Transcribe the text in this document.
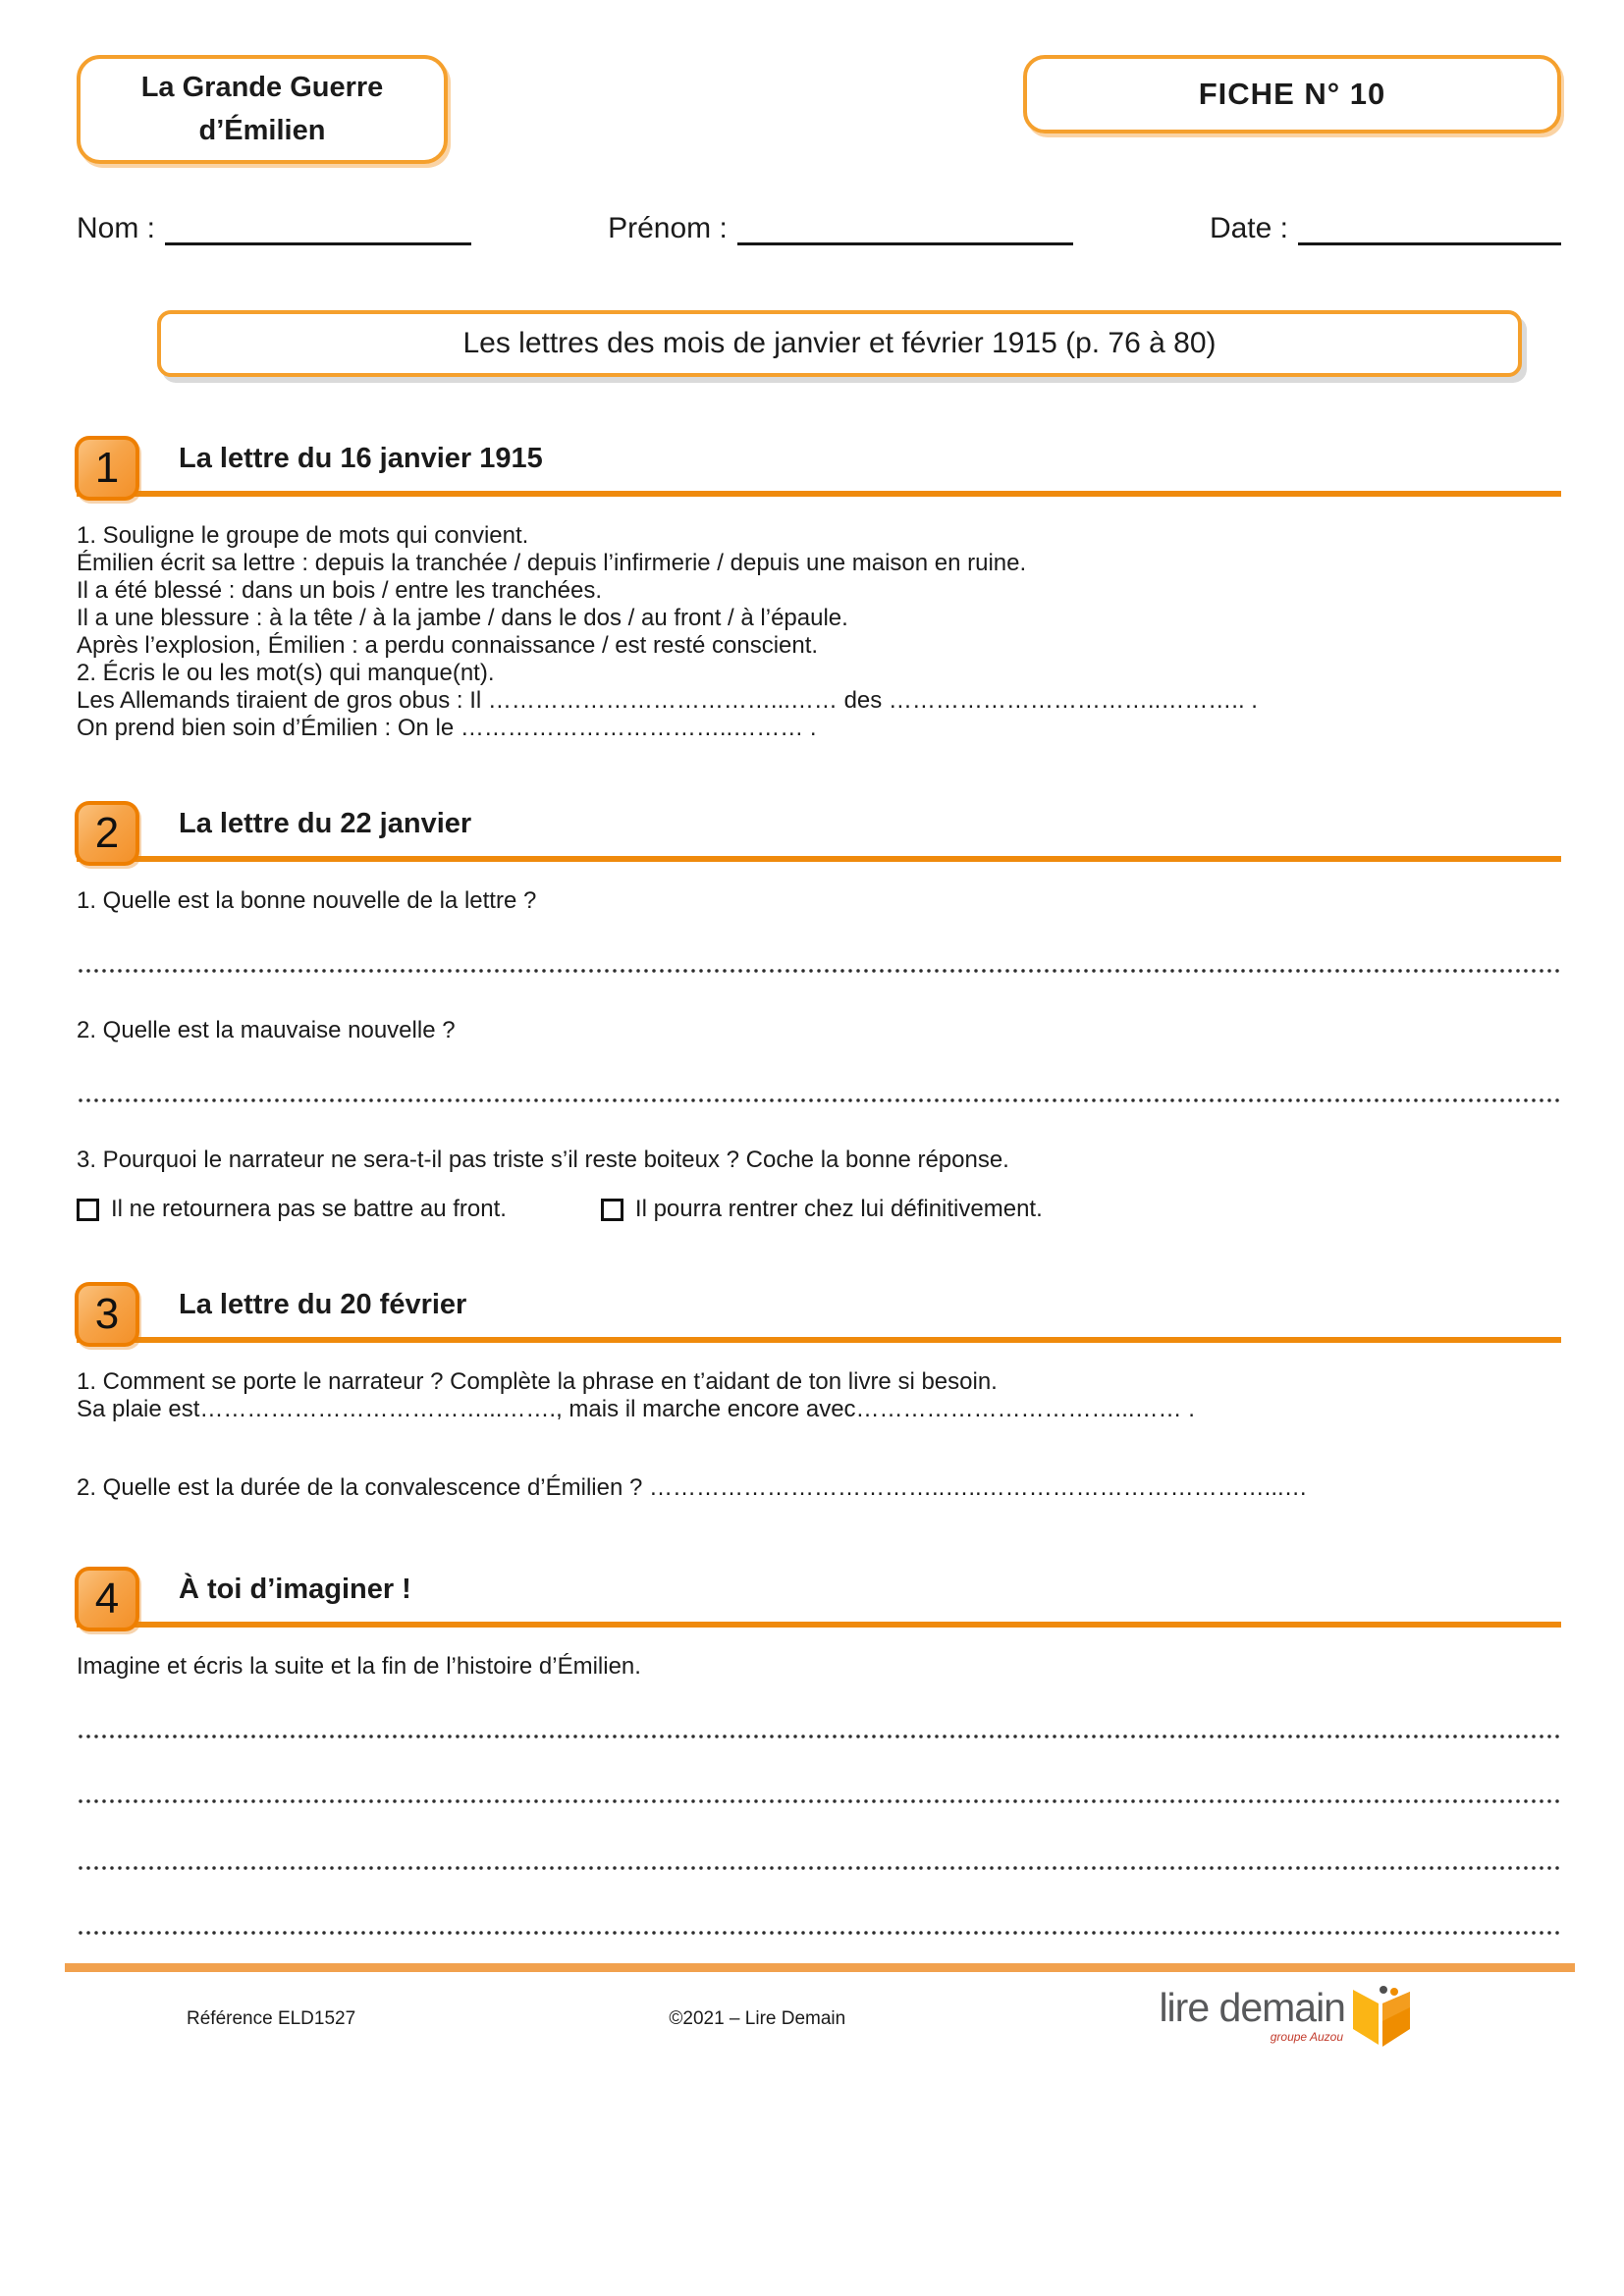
La Grande Guerre
d’Émilien
FICHE N° 10
Nom :	Prénom :	Date :
Les lettres des mois de janvier et février 1915 (p. 76 à 80)
1	La lettre du 16 janvier 1915

1. Souligne le groupe de mots qui convient.

Émilien écrit sa lettre : depuis la tranchée / depuis l’infirmerie / depuis une maison en ruine.

Il a été blessé : dans un bois / entre les tranchées.

Il a une blessure : à la tête / à la jambe / dans le dos / au front / à l’épaule.

Après l’explosion, Émilien : a perdu connaissance / est resté conscient.

2. Écris le ou les mot(s) qui manque(nt).

Les Allemands tiraient de gros obus : Il ………………………………...…… des ……………………………..……….. .

On prend bien soin d’Émilien : On le ……………………………..……… .

2	La lettre du 22 janvier

1. Quelle est la bonne nouvelle de la lettre ?

2. Quelle est la mauvaise nouvelle ?

3. Pourquoi le narrateur ne sera-t-il pas triste s’il reste boiteux ? Coche la bonne réponse.

Il ne retournera pas se battre au front.	Il pourra rentrer chez lui définitivement.
3	La lettre du 20 février

1. Comment se porte le narrateur ? Complète la phrase en t’aidant de ton livre si besoin.

Sa plaie est………………………………...……., mais il marche encore avec……………………………...…… .

2. Quelle est la durée de la convalescence d’Émilien ? ………………………………..…..………………………………...…

4	À toi d’imaginer !

Imagine et écris la suite et la fin de l’histoire d’Émilien.

Référence ELD1527	©2021 – Lire Demain	lire demain
groupe Auzou
